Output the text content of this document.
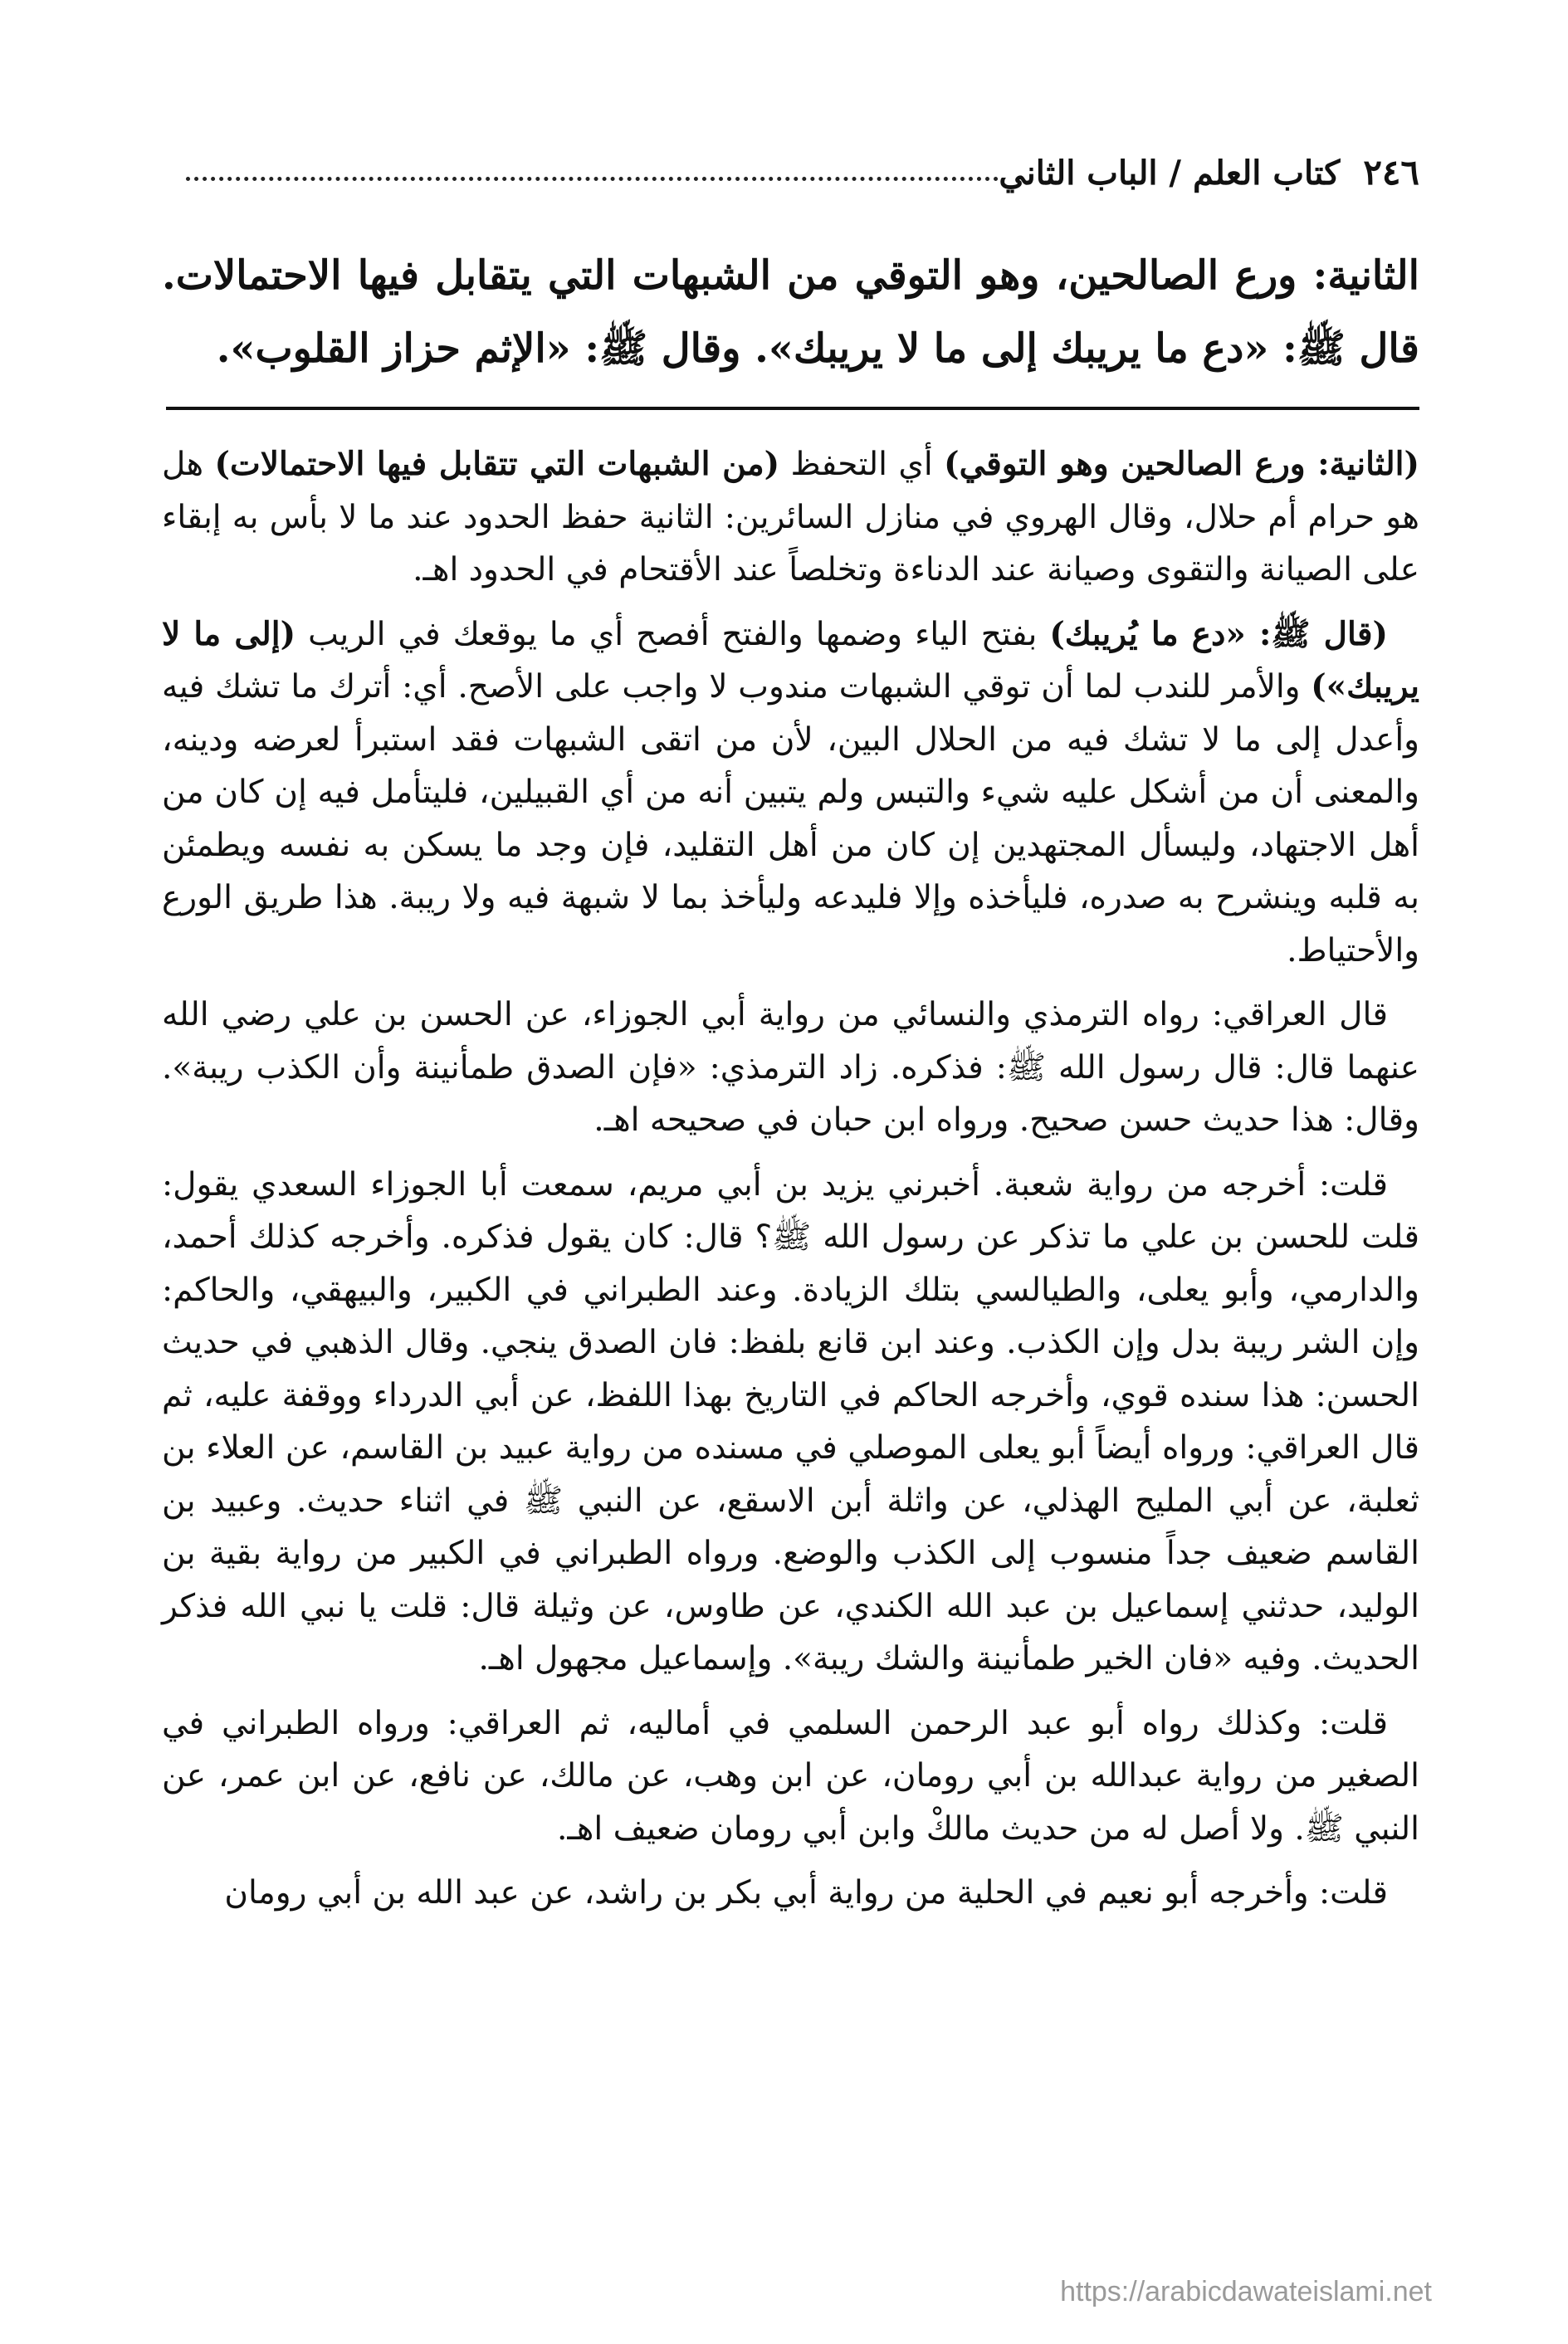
٢٤٦
كتاب العلم / الباب الثاني
الثانية: ورع الصالحين، وهو التوقي من الشبهات التي يتقابل فيها الاحتمالات. قال ﷺ: «دع ما يريبك إلى ما لا يريبك». وقال ﷺ: «الإثم حزاز القلوب».

(الثانية: ورع الصالحين وهو التوقي) أي التحفظ (من الشبهات التي تتقابل فيها الاحتمالات) هل هو حرام أم حلال، وقال الهروي في منازل السائرين: الثانية حفظ الحدود عند ما لا بأس به إبقاء على الصيانة والتقوى وصيانة عند الدناءة وتخلصاً عند الأقتحام في الحدود اهـ.

(قال ﷺ: «دع ما يُريبك) بفتح الياء وضمها والفتح أفصح أي ما يوقعك في الريب (إلى ما لا يريبك») والأمر للندب لما أن توقي الشبهات مندوب لا واجب على الأصح. أي: أترك ما تشك فيه وأعدل إلى ما لا تشك فيه من الحلال البين، لأن من اتقى الشبهات فقد استبرأ لعرضه ودينه، والمعنى أن من أشكل عليه شيء والتبس ولم يتبين أنه من أي القبيلين، فليتأمل فيه إن كان من أهل الاجتهاد، وليسأل المجتهدين إن كان من أهل التقليد، فإن وجد ما يسكن به نفسه ويطمئن به قلبه وينشرح به صدره، فليأخذه وإلا فليدعه وليأخذ بما لا شبهة فيه ولا ريبة. هذا طريق الورع والأحتياط.

قال العراقي: رواه الترمذي والنسائي من رواية أبي الجوزاء، عن الحسن بن علي رضي الله عنهما قال: قال رسول الله ﷺ: فذكره. زاد الترمذي: «فإن الصدق طمأنينة وأن الكذب ريبة». وقال: هذا حديث حسن صحيح. ورواه ابن حبان في صحيحه اهـ.

قلت: أخرجه من رواية شعبة. أخبرني يزيد بن أبي مريم، سمعت أبا الجوزاء السعدي يقول: قلت للحسن بن علي ما تذكر عن رسول الله ﷺ؟ قال: كان يقول فذكره. وأخرجه كذلك أحمد، والدارمي، وأبو يعلى، والطيالسي بتلك الزيادة. وعند الطبراني في الكبير، والبيهقي، والحاكم: وإن الشر ريبة بدل وإن الكذب. وعند ابن قانع بلفظ: فان الصدق ينجي. وقال الذهبي في حديث الحسن: هذا سنده قوي، وأخرجه الحاكم في التاريخ بهذا اللفظ، عن أبي الدرداء ووقفة عليه، ثم قال العراقي: ورواه أيضاً أبو يعلى الموصلي في مسنده من رواية عبيد بن القاسم، عن العلاء بن ثعلبة، عن أبي المليح الهذلي، عن واثلة أبن الاسقع، عن النبي ﷺ في اثناء حديث. وعبيد بن القاسم ضعيف جداً منسوب إلى الكذب والوضع. ورواه الطبراني في الكبير من رواية بقية بن الوليد، حدثني إسماعيل بن عبد الله الكندي، عن طاوس، عن وثيلة قال: قلت يا نبي الله فذكر الحديث. وفيه «فان الخير طمأنينة والشك ريبة». وإسماعيل مجهول اهـ.

قلت: وكذلك رواه أبو عبد الرحمن السلمي في أماليه، ثم العراقي: ورواه الطبراني في الصغير من رواية عبدالله بن أبي رومان، عن ابن وهب، عن مالك، عن نافع، عن ابن عمر، عن النبي ﷺ. ولا أصل له من حديث مالكْ وابن أبي رومان ضعيف اهـ.

قلت: وأخرجه أبو نعيم في الحلية من رواية أبي بكر بن راشد، عن عبد الله بن أبي رومان

https://arabicdawateislami.net
